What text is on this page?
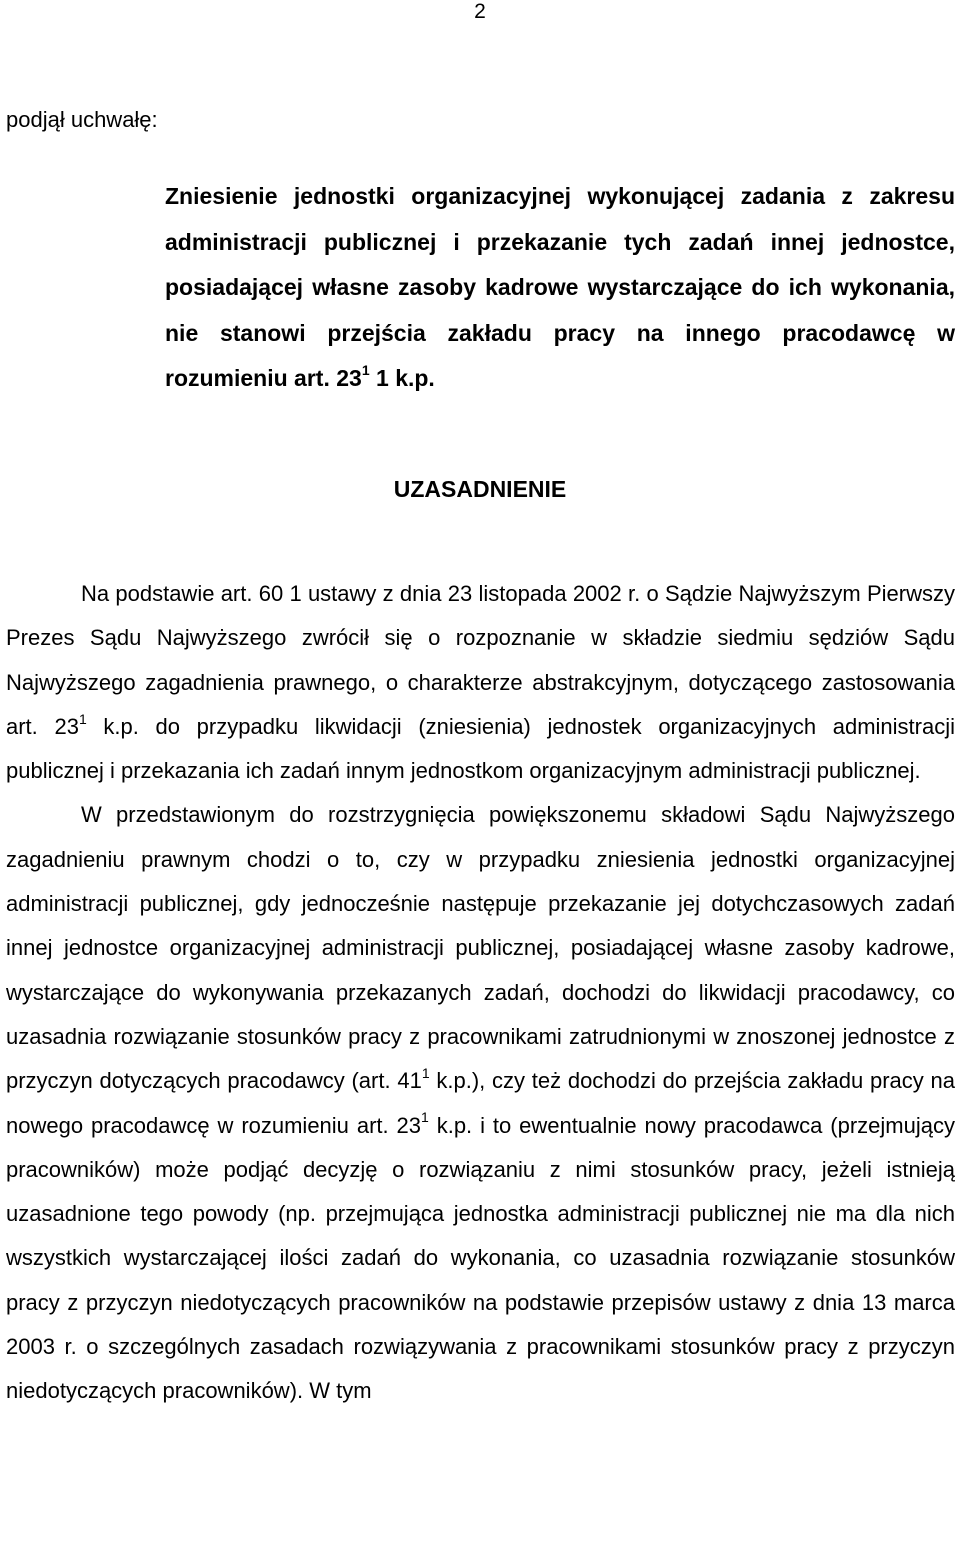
2
podjął uchwałę:
Zniesienie jednostki organizacyjnej wykonującej zadania z zakresu administracji publicznej i przekazanie tych zadań innej jednostce, posiadającej własne zasoby kadrowe wystarczające do ich wykonania, nie stanowi przejścia zakładu pracy na innego pracodawcę w rozumieniu art. $23^1$ 1 k.p.
UZASADNIENIE

Na podstawie art. 60 1 ustawy z dnia 23 listopada 2002 r. o Sądzie Najwyższym Pierwszy Prezes Sądu Najwyższego zwrócił się o rozpoznanie w składzie siedmiu sędziów Sądu Najwyższego zagadnienia prawnego, o charakterze abstrakcyjnym, dotyczącego zastosowania art. $23^1$ k.p. do przypadku likwidacji (zniesienia) jednostek organizacyjnych administracji publicznej i przekazania ich zadań innym jednostkom organizacyjnym administracji publicznej.

W przedstawionym do rozstrzygnięcia powiększonemu składowi Sądu Najwyższego zagadnieniu prawnym chodzi o to, czy w przypadku zniesienia jednostki organizacyjnej administracji publicznej, gdy jednocześnie następuje przekazanie jej dotychczasowych zadań innej jednostce organizacyjnej administracji publicznej, posiadającej własne zasoby kadrowe, wystarczające do wykonywania przekazanych zadań, dochodzi do likwidacji pracodawcy, co uzasadnia rozwiązanie stosunków pracy z pracownikami zatrudnionymi w znoszonej jednostce z przyczyn dotyczących pracodawcy (art. $41^1$ k.p.), czy też dochodzi do przejścia zakładu pracy na nowego pracodawcę w rozumieniu art. $23^1$ k.p. i to ewentualnie nowy pracodawca (przejmujący pracowników) może podjąć decyzję o rozwiązaniu z nimi stosunków pracy, jeżeli istnieją uzasadnione tego powody (np. przejmująca jednostka administracji publicznej nie ma dla nich wszystkich wystarczającej ilości zadań do wykonania, co uzasadnia rozwiązanie stosunków pracy z przyczyn niedotyczących pracowników na podstawie przepisów ustawy z dnia 13 marca 2003 r. o szczególnych zasadach rozwiązywania z pracownikami stosunków pracy z przyczyn niedotyczących pracowników). W tym
